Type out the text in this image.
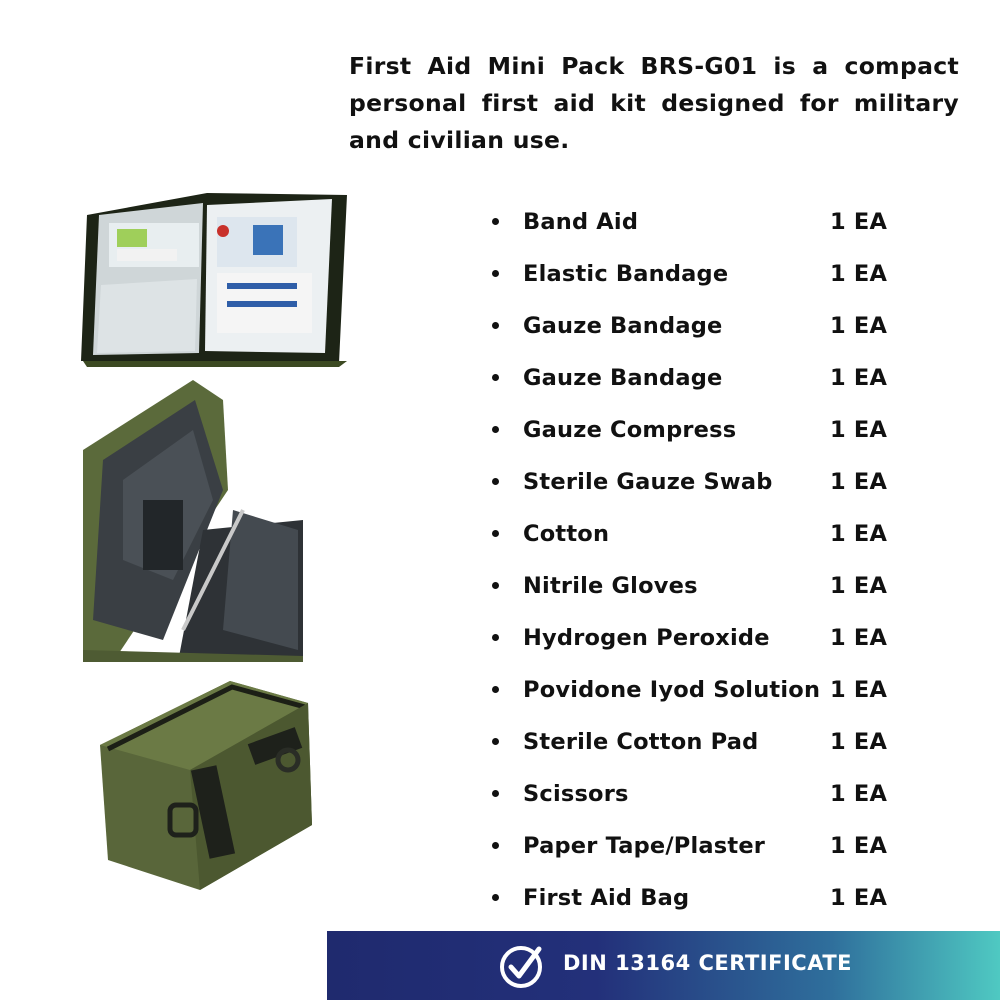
First Aid Mini Pack BRS-G01 is a compact personal first aid kit designed for military and civilian use.

Band Aid	1 EA
Elastic Bandage	1 EA
Gauze Bandage	1 EA
Gauze Bandage	1 EA
Gauze Compress	1 EA
Sterile Gauze Swab	1 EA
Cotton	1 EA
Nitrile Gloves	1 EA
Hydrogen Peroxide	1 EA
Povidone Iyod Solution 1 EA
Sterile Cotton Pad	1 EA
Scissors	1 EA
Paper Tape/Plaster	1 EA
First Aid Bag	1 EA
DIN 13164 CERTIFICATE
